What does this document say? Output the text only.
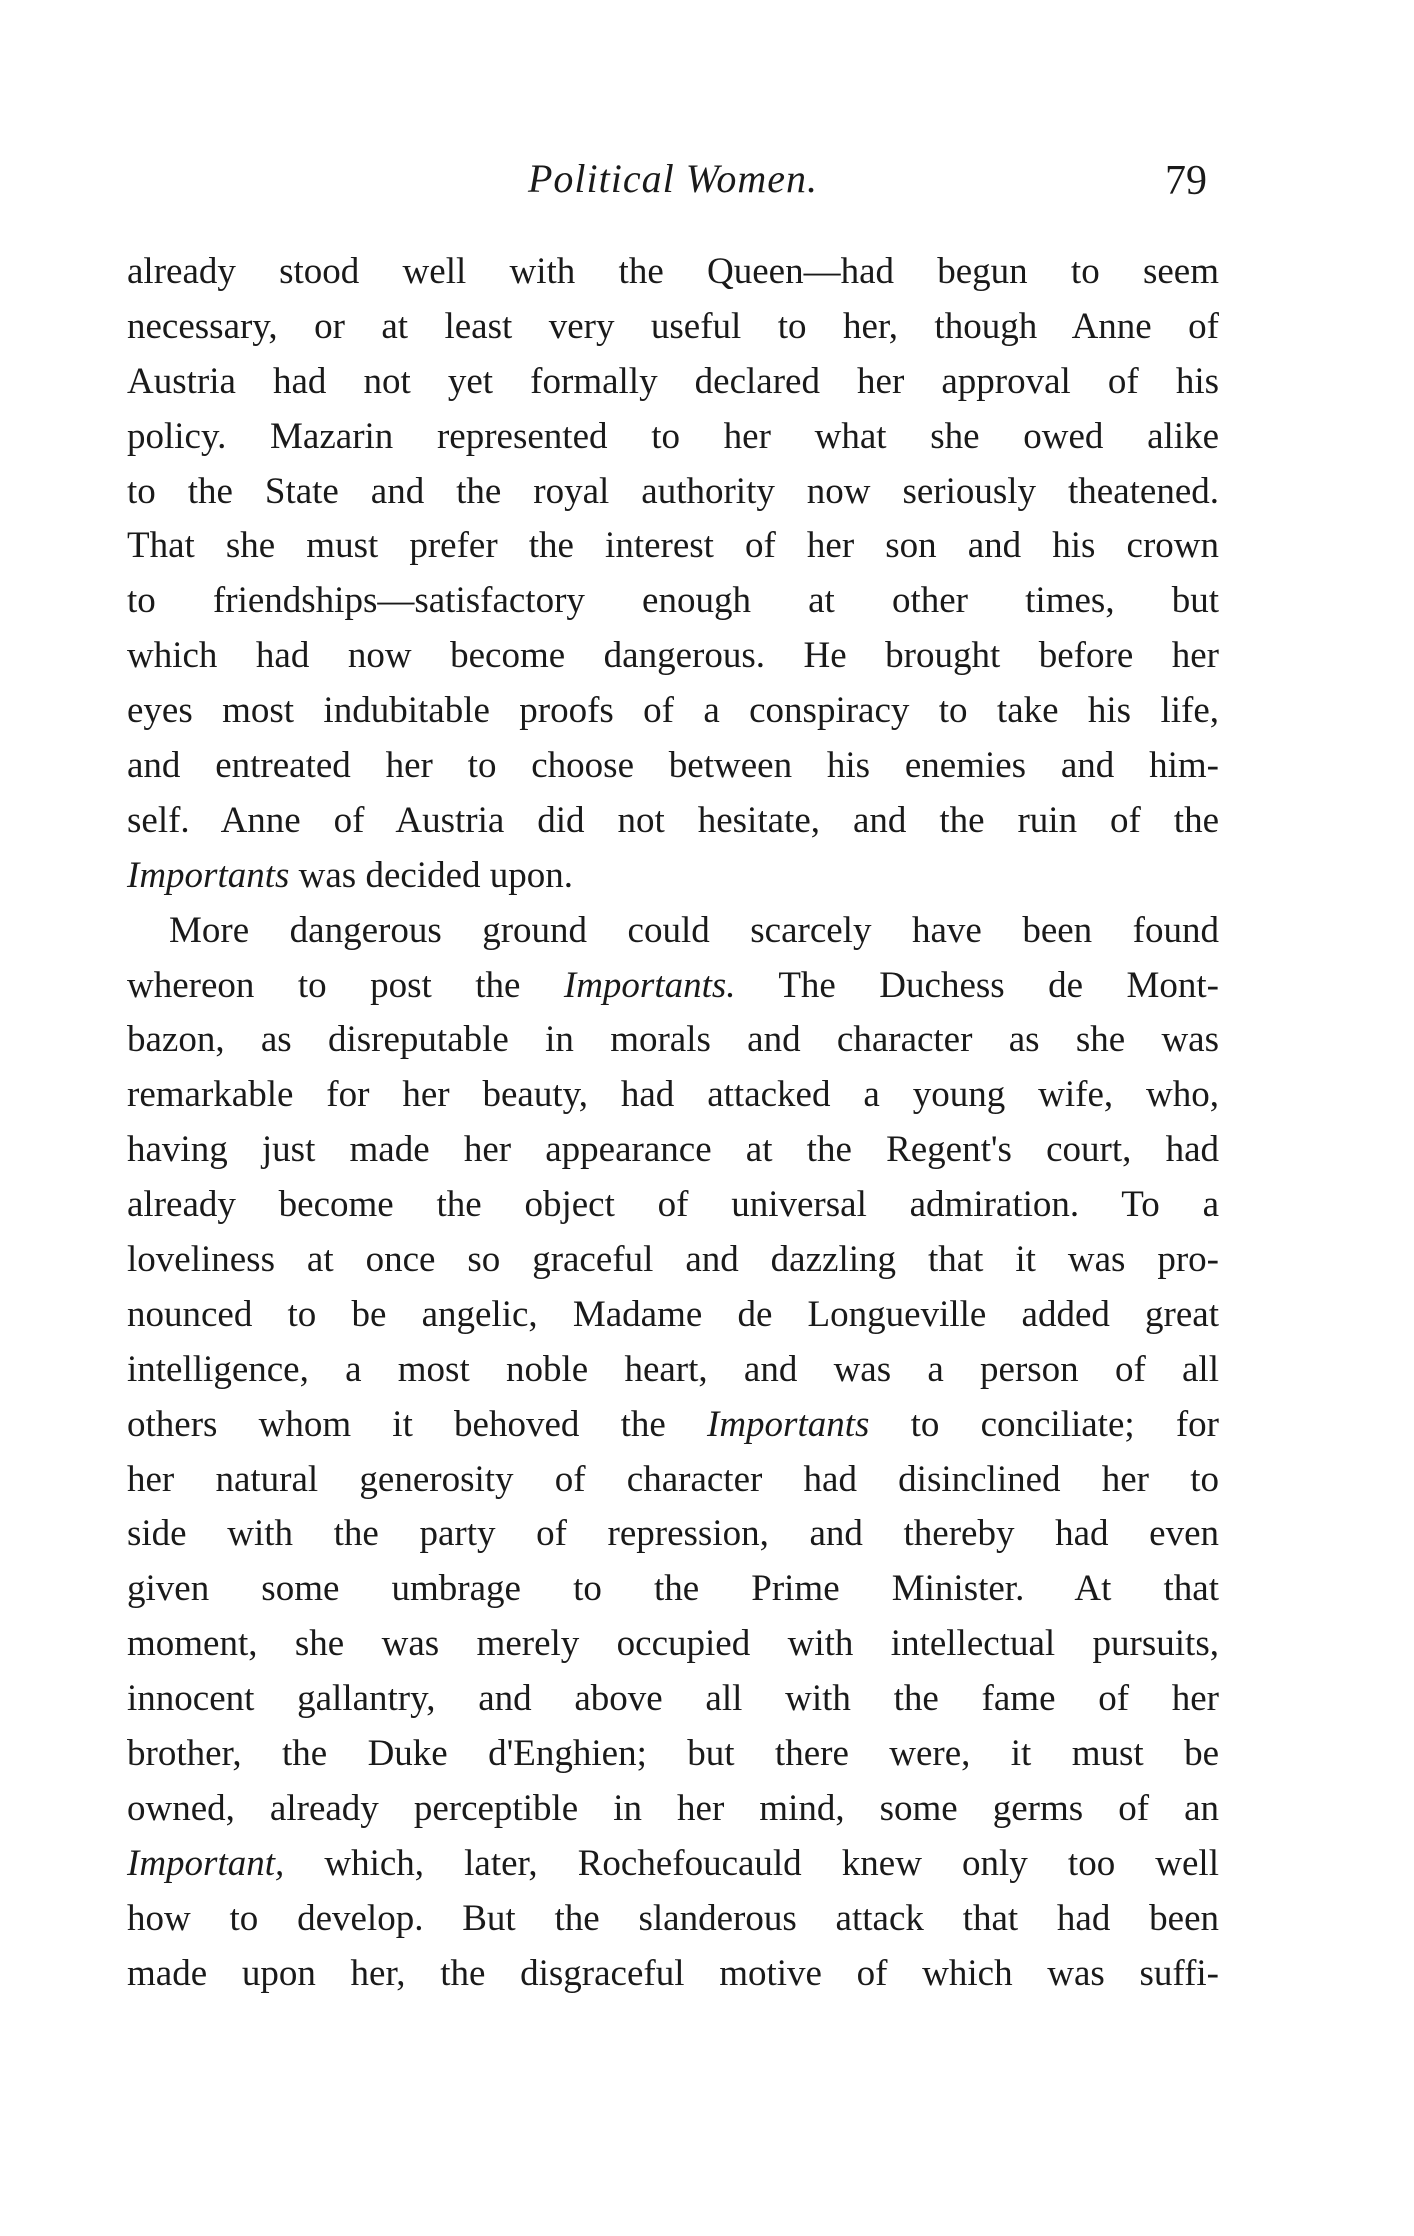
Political Women.	79
already stood well with the Queen—had begun to seem
necessary, or at least very useful to her, though Anne of
Austria had not yet formally declared her approval of his
policy. Mazarin represented to her what she owed alike
to the State and the royal authority now seriously theatened.
That she must prefer the interest of her son and his crown
to friendships—satisfactory enough at other times, but
which had now become dangerous. He brought before her
eyes most indubitable proofs of a conspiracy to take his life,
and entreated her to choose between his enemies and him-
self. Anne of Austria did not hesitate, and the ruin of the
Importants was decided upon.
More dangerous ground could scarcely have been found
whereon to post the Importants. The Duchess de Mont-
bazon, as disreputable in morals and character as she was
remarkable for her beauty, had attacked a young wife, who,
having just made her appearance at the Regent's court, had
already become the object of universal admiration. To a
loveliness at once so graceful and dazzling that it was pro-
nounced to be angelic, Madame de Longueville added great
intelligence, a most noble heart, and was a person of all
others whom it behoved the Importants to conciliate; for
her natural generosity of character had disinclined her to
side with the party of repression, and thereby had even
given some umbrage to the Prime Minister. At that
moment, she was merely occupied with intellectual pursuits,
innocent gallantry, and above all with the fame of her
brother, the Duke d'Enghien; but there were, it must be
owned, already perceptible in her mind, some germs of an
Important, which, later, Rochefoucauld knew only too well
how to develop. But the slanderous attack that had been
made upon her, the disgraceful motive of which was suffi-
